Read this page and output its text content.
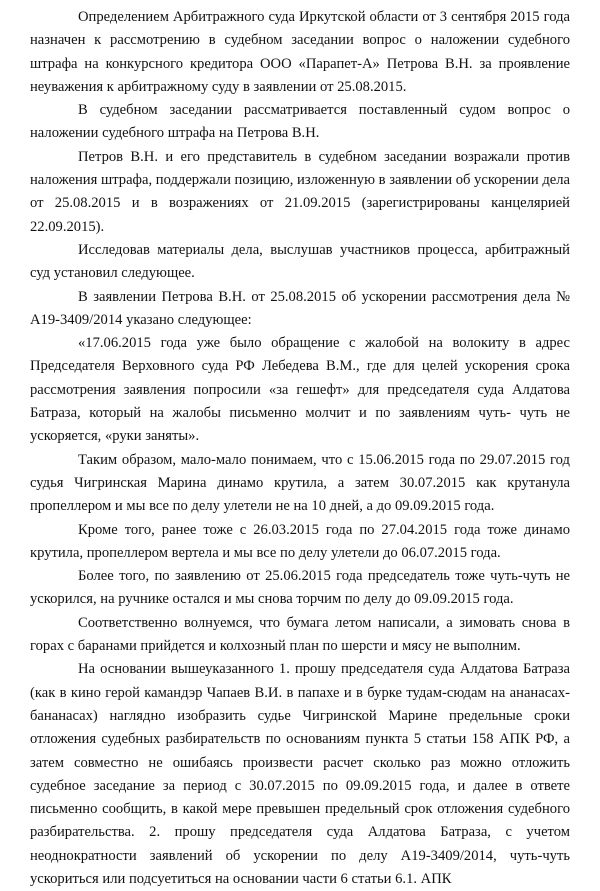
Определением Арбитражного суда Иркутской области от 3 сентября 2015 года назначен к рассмотрению в судебном заседании вопрос о наложении судебного штрафа на конкурсного кредитора ООО «Парапет-А» Петрова В.Н. за проявление неуважения к арбитражному суду в заявлении от 25.08.2015.

В судебном заседании рассматривается поставленный судом вопрос о наложении судебного штрафа на Петрова В.Н.

Петров В.Н. и его представитель в судебном заседании возражали против наложения штрафа, поддержали позицию, изложенную в заявлении об ускорении дела от 25.08.2015 и в возражениях от 21.09.2015 (зарегистрированы канцелярией 22.09.2015).

Исследовав материалы дела, выслушав участников процесса, арбитражный суд установил следующее.

В заявлении Петрова В.Н. от 25.08.2015 об ускорении рассмотрения дела № А19-3409/2014 указано следующее:

«17.06.2015 года уже было обращение с жалобой на волокиту в адрес Председателя Верховного суда РФ Лебедева В.М., где для целей ускорения срока рассмотрения заявления попросили «за гешефт» для председателя суда Алдатова Батраза, который на жалобы письменно молчит и по заявлениям чуть- чуть не ускоряется, «руки заняты».

Таким образом, мало-мало понимаем, что с 15.06.2015 года по 29.07.2015 год судья Чигринская Марина динамо крутила, а затем 30.07.2015 как крутанула пропеллером и мы все по делу улетели не на 10 дней, а до 09.09.2015 года.

Кроме того, ранее тоже с 26.03.2015 года по 27.04.2015 года тоже динамо крутила, пропеллером вертела и мы все по делу улетели до 06.07.2015 года.

Более того, по заявлению от 25.06.2015 года председатель тоже чуть-чуть не ускорился, на ручнике остался и мы снова торчим по делу до 09.09.2015 года.

Соответственно волнуемся, что бумага летом написали, а зимовать снова в горах с баранами прийдется и колхозный план по шерсти и мясу не выполним.

На основании вышеуказанного 1. прошу председателя суда Алдатова Батраза (как в кино герой камандэр Чапаев В.И. в папахе и в бурке тудам-сюдам на ананасах-бананасах) наглядно изобразить судье Чигринской Марине предельные сроки отложения судебных разбирательств по основаниям пункта 5 статьи 158 АПК РФ, а затем совместно не ошибаясь произвести расчет сколько раз можно отложить судебное заседание за период с 30.07.2015 по 09.09.2015 года, и далее в ответе письменно сообщить, в какой мере превышен предельный срок отложения судебного разбирательства. 2. прошу председателя суда Алдатова Батраза, с учетом неоднократности заявлений об ускорении по делу А19-3409/2014, чуть-чуть ускориться или подсуетиться на основании части 6 статьи 6.1. АПК
